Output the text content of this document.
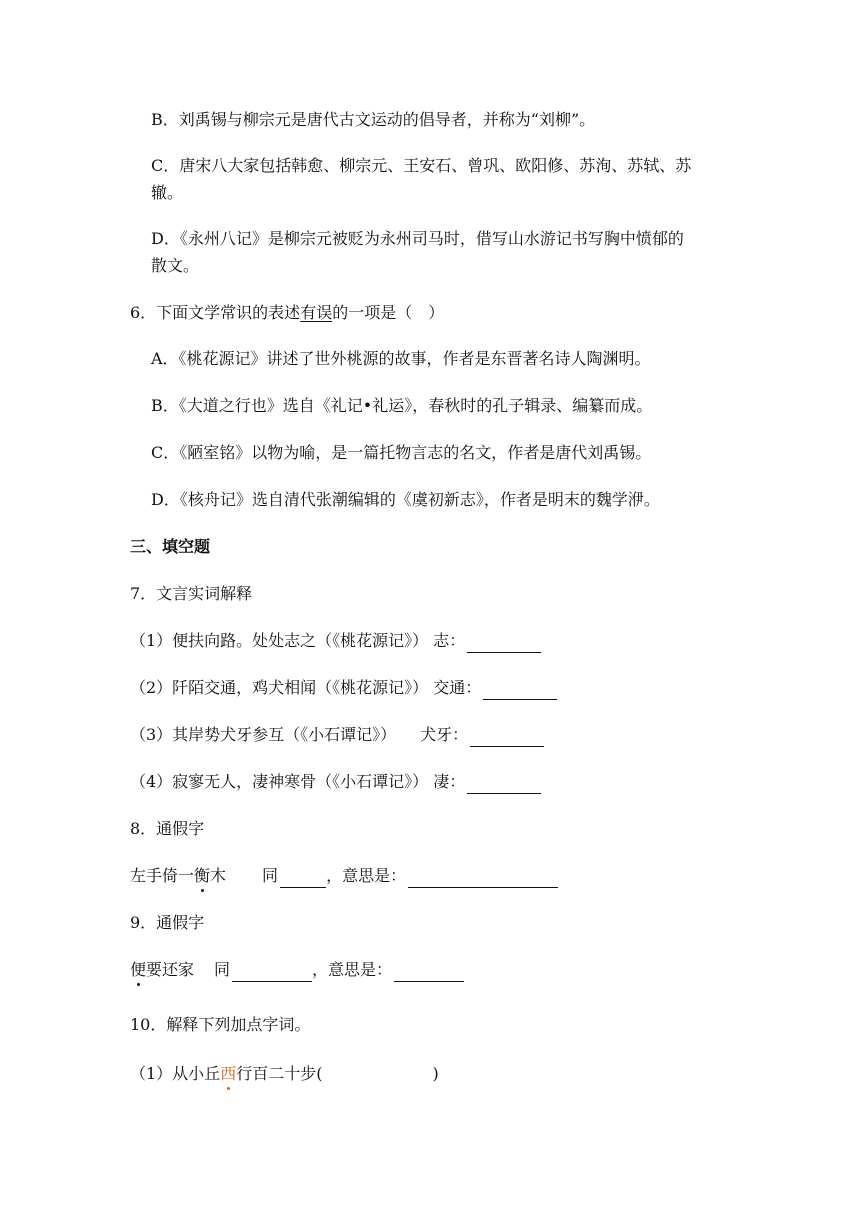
B．刘禹锡与柳宗元是唐代古文运动的倡导者，并称为“刘柳”。
C．唐宋八大家包括韩愈、柳宗元、王安石、曾巩、欧阳修、苏洵、苏轼、苏
辙。
D．《永州八记》是柳宗元被贬为永州司马时，借写山水游记书写胸中愤郁的
散文。
6．下面文学常识的表述有误的一项是（　）
A．《桃花源记》讲述了世外桃源的故事，作者是东晋著名诗人陶渊明。
B．《大道之行也》选自《礼记•礼运》，春秋时的孔子辑录、编纂而成。
C．《陋室铭》以物为喻，是一篇托物言志的名文，作者是唐代刘禹锡。
D．《核舟记》选自清代张潮编辑的《虞初新志》，作者是明末的魏学洢。
三、填空题
7．文言实词解释
（1）便扶向路。处处志之（《桃花源记》） 志：
（2）阡陌交通，鸡犬相闻（《桃花源记》） 交通：
（3）其岸势犬牙参互（《小石谭记》）　　犬牙：
（4）寂寥无人，凄神寒骨（《小石谭记》） 凄：
8．通假字
左手倚一衡木 同	，意思是：
9．通假字
便要还家 同	，意思是：
10．解释下列加点字词。
（1）从小丘西行百二十步(	)
